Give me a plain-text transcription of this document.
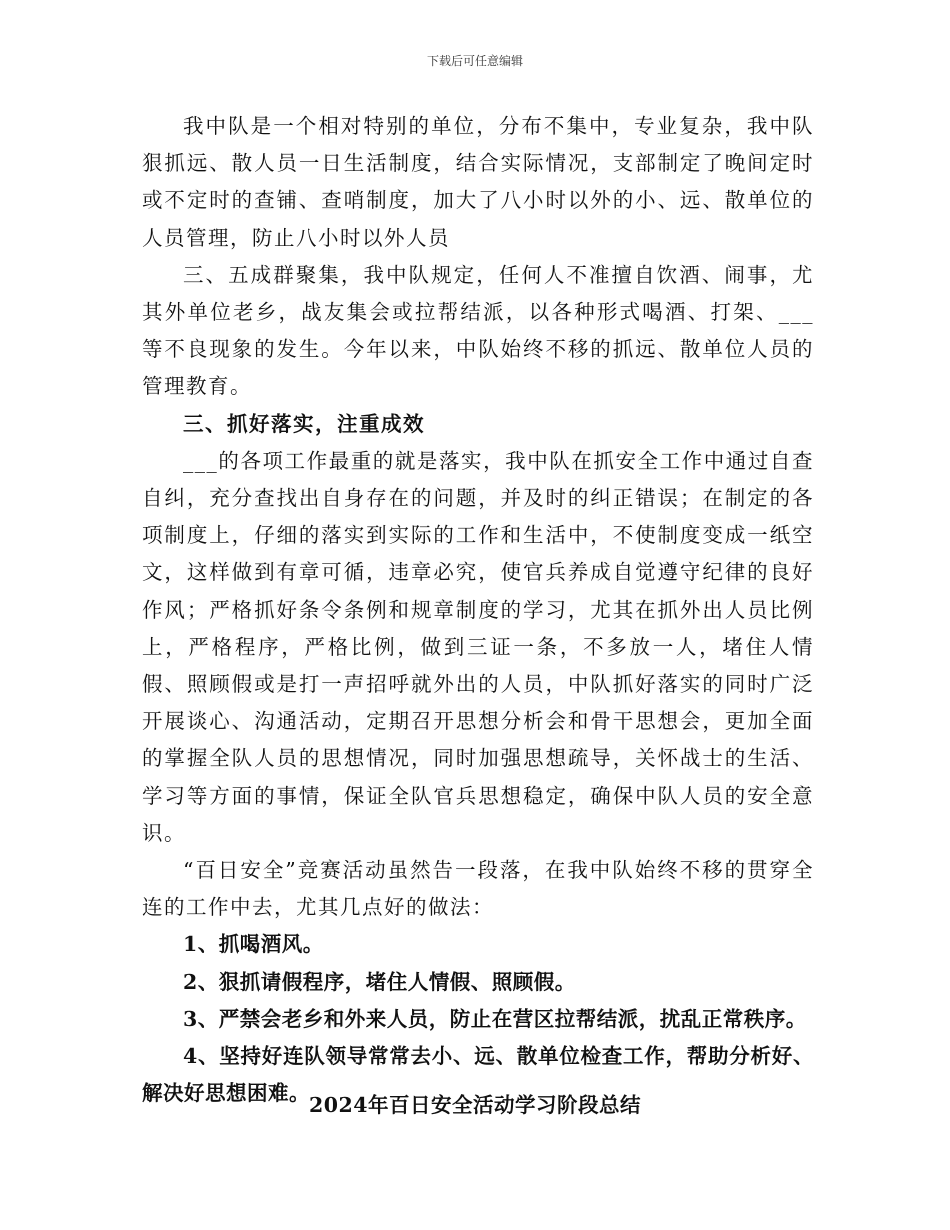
下载后可任意编辑

我中队是一个相对特别的单位，分布不集中，专业复杂，我中队狠抓远、散人员一日生活制度，结合实际情况，支部制定了晚间定时或不定时的查铺、查哨制度，加大了八小时以外的小、远、散单位的人员管理，防止八小时以外人员

三、五成群聚集，我中队规定，任何人不准擅自饮酒、闹事，尤其外单位老乡，战友集会或拉帮结派，以各种形式喝酒、打架、___等不良现象的发生。今年以来，中队始终不移的抓远、散单位人员的管理教育。

三、抓好落实，注重成效

___的各项工作最重的就是落实，我中队在抓安全工作中通过自查自纠，充分查找出自身存在的问题，并及时的纠正错误；在制定的各项制度上，仔细的落实到实际的工作和生活中，不使制度变成一纸空文，这样做到有章可循，违章必究，使官兵养成自觉遵守纪律的良好作风；严格抓好条令条例和规章制度的学习，尤其在抓外出人员比例上，严格程序，严格比例，做到三证一条，不多放一人，堵住人情假、照顾假或是打一声招呼就外出的人员，中队抓好落实的同时广泛开展谈心、沟通活动，定期召开思想分析会和骨干思想会，更加全面的掌握全队人员的思想情况，同时加强思想疏导，关怀战士的生活、学习等方面的事情，保证全队官兵思想稳定，确保中队人员的安全意识。

“百日安全”竞赛活动虽然告一段落，在我中队始终不移的贯穿全连的工作中去，尤其几点好的做法：

1、抓喝酒风。

2、狠抓请假程序，堵住人情假、照顾假。

3、严禁会老乡和外来人员，防止在营区拉帮结派，扰乱正常秩序。

4、坚持好连队领导常常去小、远、散单位检查工作，帮助分析好、解决好思想困难。

2024年百日安全活动学习阶段总结
